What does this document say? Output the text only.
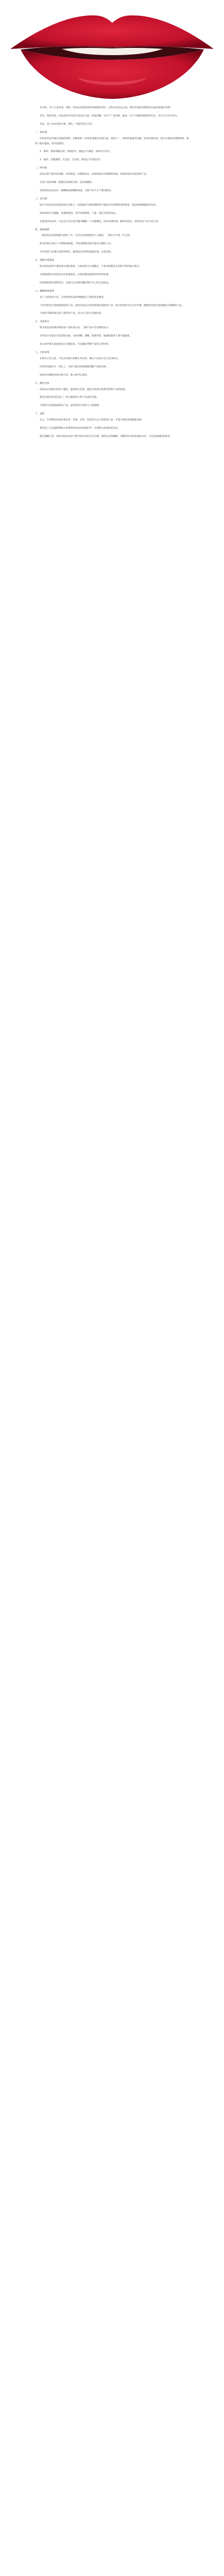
在年底，对于大家来说，选购一件化妆品的时机和价格都非常好，在购买化妆品之前，我们应该如何辨别化妆品的质量好坏呢？

首先，要看包装，化妆品的外包装应该完好无损，标签清晰，有生产厂家名称、地址、生产日期和保质期等信息，并有卫生许可证号。

其次，看产品本身的外观、颜色、气味等是否正常。

一、看外观

好的化妆品外观应该颜色鲜明、清雅柔和。如果发现颜色灰暗污浊，深浅不一，则说明质量有问题。如果外观浑浊、油水分离或出现絮状物，膏体干缩有裂纹，则不能使用。

1．膏状：膏体细腻光滑，软硬适中，挑起后不滴落，涂抹开后均匀。

2．液状：清澈透明，无沉淀、无杂质，摇晃后不出现分层。

二、闻气味

化妆品的气味有的淡雅，有的浓烈，但都很纯正。如果闻起来有刺鼻的怪味，则说明是伪劣或变质产品。

正规产品的香味一般都比较柔和自然，没有刺激性。

变质的化妆品会有一股酸败或哈喇的味道，这种产品千万不要再使用。

三、试手感

取少许化妆品轻轻地涂抹在皮肤上，如果能均匀紧致地附着于肌肤且有滑润舒适的感觉，就是质地细腻的化妆品。

如果涂抹后有粗糙、发黏的感觉，甚至皮肤刺痒、干涩，则是劣质化妆品。

在挑选化妆品时，可以先在耳后或手腕内侧做一个过敏测试，如果出现红肿、瘙痒等症状，说明这款产品不适合你。

四、看保质期

一般的化妆品保质期为两到三年，开封后的保质期会大大缩短，一般在半年到一年之间。

购买时要注意生产日期和保质期，不要贪图便宜购买临近过期的产品。

开封后的产品要注意密封保存，避免阳光直射和高温环境，以免变质。

五、选择正规渠道

购买化妆品时尽量选择正规的商场、专柜或者官方旗舰店，不要贪图便宜在来路不明的地方购买。

正规渠道购买的化妆品有质量保证，出现问题也能够及时得到处理。

同时要保留好购物凭证，以便日后出现问题时维护自己的合法权益。

六、根据肤质选择

每个人的肤质不同，在选择化妆品时要根据自己的肤质来挑选。

干性皮肤适合选择滋润型的产品；油性皮肤适合选择清爽控油型的产品；混合性皮肤可以分区护理；敏感性皮肤应选择温和无刺激的产品。

不要盲目跟风购买别人推荐的产品，适合自己的才是最好的。

七、注意成分

购买化妆品时要仔细查看产品的成分表，了解产品中含有哪些成分。

有些成分可能会引起皮肤过敏，比如香精、酒精、防腐剂等，敏感肌肤的人要尽量避免。

成分表中排在前面的成分含量较高，可以据此判断产品的主要功效。

八、小样试用

在购买正装之前，可以先向柜台索要小样试用，确认产品适合自己后再购买。

试用时间最好在一周以上，这样才能比较准确地判断产品的效果。

如果试用期间皮肤出现不适，要立即停止使用。

九、储存方法

化妆品应放置在阴凉干燥处，避免阳光直射，温度过高或过低都会影响产品的质量。

使用后要及时盖好盖子，防止细菌进入和产品氧化变质。

不要用手直接挖取膏状产品，最好使用专用的小勺或刮棒。

十、总结

总之，在选购化妆品时要多看、多闻、多试，选择适合自己的优质产品，才能让肌肤更加健康美丽。

希望以上方法能够帮助大家辨别化妆品的质量好坏，买到称心如意的化妆品。

最后提醒大家，再好的化妆品也不能代替良好的生活习惯，保持充足的睡眠、均衡的饮食和适量的运动，才是美丽肌肤的根本。
